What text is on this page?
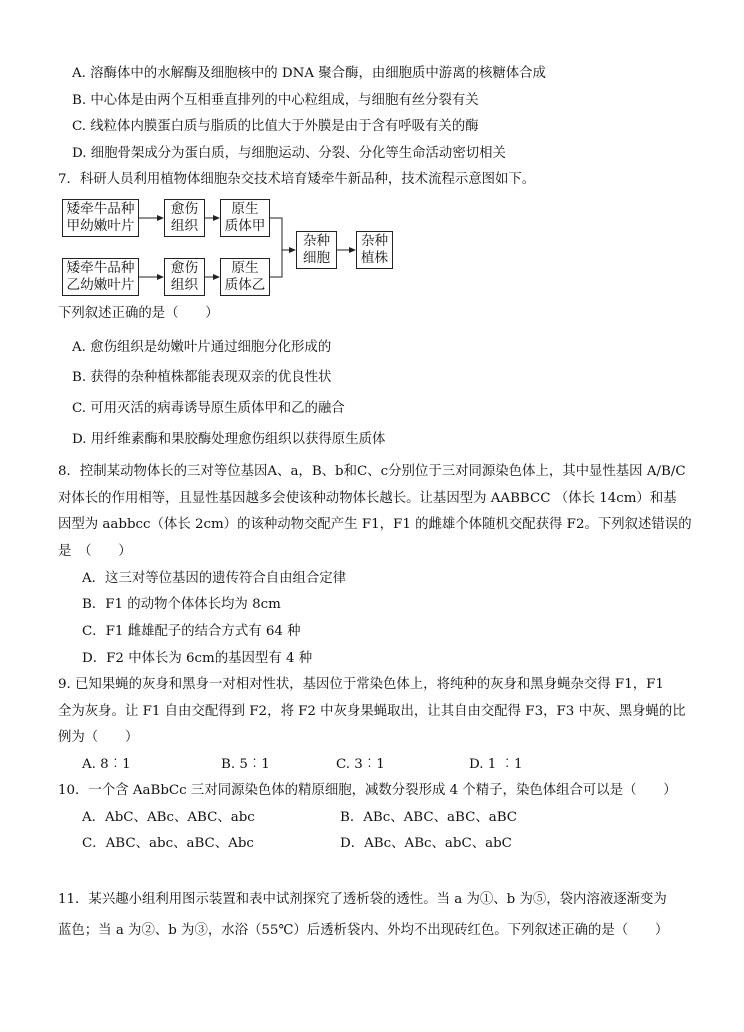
A. 溶酶体中的水解酶及细胞核中的 DNA 聚合酶，由细胞质中游离的核糖体合成
B. 中心体是由两个互相垂直排列的中心粒组成，与细胞有丝分裂有关
C. 线粒体内膜蛋白质与脂质的比值大于外膜是由于含有呼吸有关的酶
D. 细胞骨架成分为蛋白质，与细胞运动、分裂、分化等生命活动密切相关
7．科研人员利用植物体细胞杂交技术培育矮牵牛新品种，技术流程示意图如下。
矮牵牛品种
甲幼嫩叶片
愈伤
组织
原生
质体甲
矮牵牛品种
乙幼嫩叶片
愈伤
组织
原生
质体乙
杂种
细胞
杂种
植株
下列叙述正确的是（　　）
A. 愈伤组织是幼嫩叶片通过细胞分化形成的
B. 获得的杂种植株都能表现双亲的优良性状
C. 可用灭活的病毒诱导原生质体甲和乙的融合
D. 用纤维素酶和果胶酶处理愈伤组织以获得原生质体
8．控制某动物体长的三对等位基因A、a，B、b和C、c分别位于三对同源染色体上，其中显性基因 A/B/C
对体长的作用相等，且显性基因越多会使该种动物体长越长。让基因型为 AABBCC （体长 14cm）和基
因型为 aabbcc（体长 2cm）的该种动物交配产生 F1，F1 的雌雄个体随机交配获得 F2。下列叙述错误的
是　（　　）
A．这三对等位基因的遗传符合自由组合定律
B．F1 的动物个体体长均为 8cm
C．F1 雌雄配子的结合方式有 64 种
D．F2 中体长为 6cm的基因型有 4 种
9. 已知果蝇的灰身和黑身一对相对性状，基因位于常染色体上，将纯种的灰身和黑身蝇杂交得 F1，F1
全为灰身。让 F1 自由交配得到 F2，将 F2 中灰身果蝇取出，让其自由交配得 F3，F3 中灰、黑身蝇的比
例为（　　）
A. 8︰1	B. 5︰1	C. 3︰1	D. 1 ︰1
10．一个含 AaBbCc 三对同源染色体的精原细胞，减数分裂形成 4 个精子，染色体组合可以是（　　）
A．AbC、ABc、ABC、abc	B．ABc、ABC、aBC、aBC
C．ABC、abc、aBC、Abc	D．ABc、ABc、abC、abC
11．某兴趣小组利用图示装置和表中试剂探究了透析袋的透性。当 a 为①、b 为⑤，袋内溶液逐渐变为
蓝色；当 a 为②、b 为③，水浴（55℃）后透析袋内、外均不出现砖红色。下列叙述正确的是（　　）
